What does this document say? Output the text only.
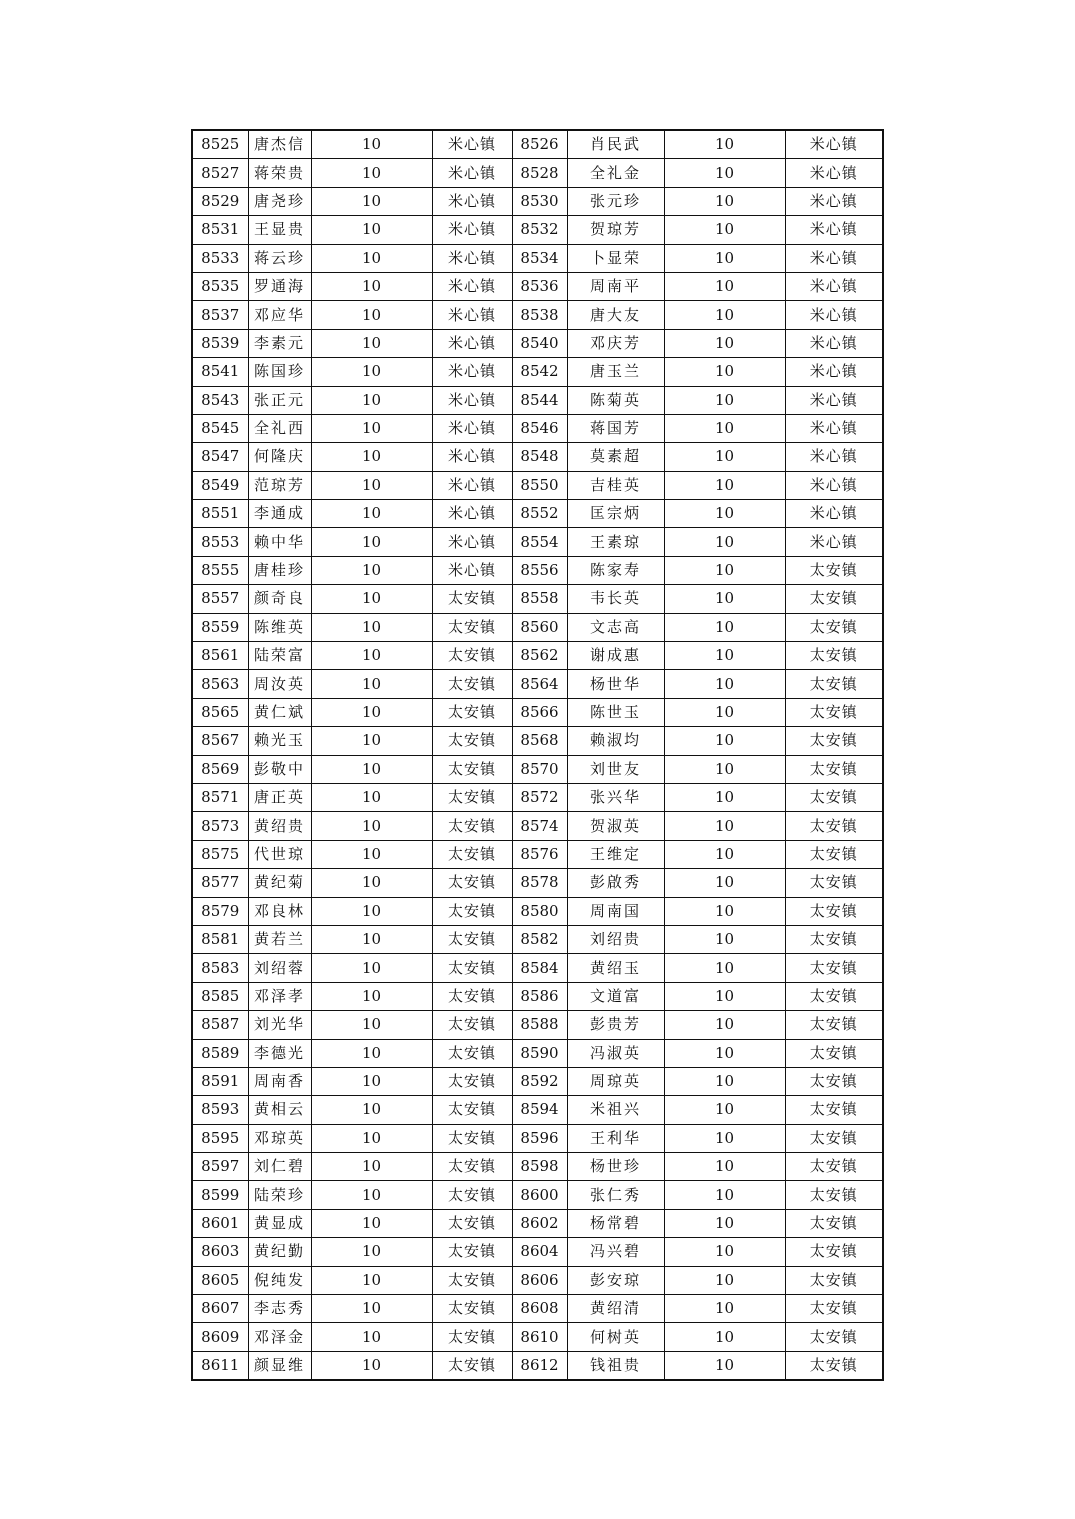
8525	唐杰信	10	米心镇	8526	肖民武	10	米心镇
8527	蒋荣贵	10	米心镇	8528	全礼金	10	米心镇
8529	唐尧珍	10	米心镇	8530	张元珍	10	米心镇
8531	王显贵	10	米心镇	8532	贺琼芳	10	米心镇
8533	蒋云珍	10	米心镇	8534	卜显荣	10	米心镇
8535	罗通海	10	米心镇	8536	周南平	10	米心镇
8537	邓应华	10	米心镇	8538	唐大友	10	米心镇
8539	李素元	10	米心镇	8540	邓庆芳	10	米心镇
8541	陈国珍	10	米心镇	8542	唐玉兰	10	米心镇
8543	张正元	10	米心镇	8544	陈菊英	10	米心镇
8545	全礼西	10	米心镇	8546	蒋国芳	10	米心镇
8547	何隆庆	10	米心镇	8548	莫素超	10	米心镇
8549	范琼芳	10	米心镇	8550	吉桂英	10	米心镇
8551	李通成	10	米心镇	8552	匡宗炳	10	米心镇
8553	赖中华	10	米心镇	8554	王素琼	10	米心镇
8555	唐桂珍	10	米心镇	8556	陈家寿	10	太安镇
8557	颜奇良	10	太安镇	8558	韦长英	10	太安镇
8559	陈维英	10	太安镇	8560	文志高	10	太安镇
8561	陆荣富	10	太安镇	8562	谢成惠	10	太安镇
8563	周汝英	10	太安镇	8564	杨世华	10	太安镇
8565	黄仁斌	10	太安镇	8566	陈世玉	10	太安镇
8567	赖光玉	10	太安镇	8568	赖淑均	10	太安镇
8569	彭敬中	10	太安镇	8570	刘世友	10	太安镇
8571	唐正英	10	太安镇	8572	张兴华	10	太安镇
8573	黄绍贵	10	太安镇	8574	贺淑英	10	太安镇
8575	代世琼	10	太安镇	8576	王维定	10	太安镇
8577	黄纪菊	10	太安镇	8578	彭啟秀	10	太安镇
8579	邓良林	10	太安镇	8580	周南国	10	太安镇
8581	黄若兰	10	太安镇	8582	刘绍贵	10	太安镇
8583	刘绍蓉	10	太安镇	8584	黄绍玉	10	太安镇
8585	邓泽孝	10	太安镇	8586	文道富	10	太安镇
8587	刘光华	10	太安镇	8588	彭贵芳	10	太安镇
8589	李德光	10	太安镇	8590	冯淑英	10	太安镇
8591	周南香	10	太安镇	8592	周琼英	10	太安镇
8593	黄相云	10	太安镇	8594	米祖兴	10	太安镇
8595	邓琼英	10	太安镇	8596	王利华	10	太安镇
8597	刘仁碧	10	太安镇	8598	杨世珍	10	太安镇
8599	陆荣珍	10	太安镇	8600	张仁秀	10	太安镇
8601	黄显成	10	太安镇	8602	杨常碧	10	太安镇
8603	黄纪勤	10	太安镇	8604	冯兴碧	10	太安镇
8605	倪纯发	10	太安镇	8606	彭安琼	10	太安镇
8607	李志秀	10	太安镇	8608	黄绍清	10	太安镇
8609	邓泽金	10	太安镇	8610	何树英	10	太安镇
8611	颜显维	10	太安镇	8612	钱祖贵	10	太安镇
